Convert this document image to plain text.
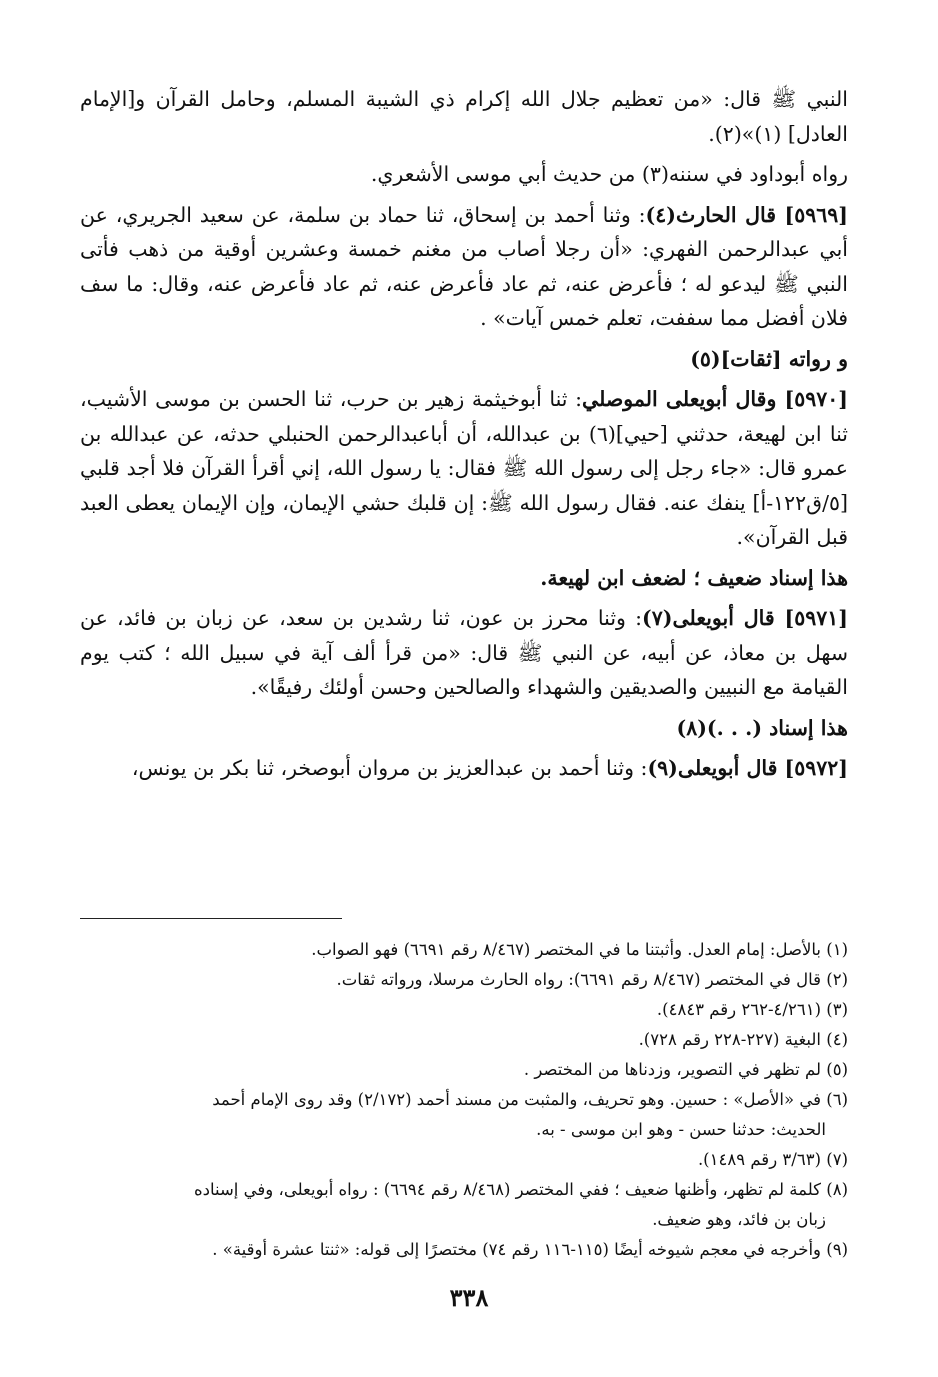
النبي ﷺ قال: «من تعظيم جلال الله إكرام ذي الشيبة المسلم، وحامل القرآن و[الإمام العادل] (١)»(٢).

رواه أبوداود في سننه(٣) من حديث أبي موسى الأشعري.

[٥٩٦٩] قال الحارث(٤): وثنا أحمد بن إسحاق، ثنا حماد بن سلمة، عن سعيد الجريري، عن أبي عبدالرحمن الفهري: «أن رجلا أصاب من مغنم خمسة وعشرين أوقية من ذهب فأتى النبي ﷺ ليدعو له ؛ فأعرض عنه، ثم عاد فأعرض عنه، ثم عاد فأعرض عنه، وقال: ما سف فلان أفضل مما سففت، تعلم خمس آيات» .

و رواته [ثقات](٥)

[٥٩٧٠] وقال أبويعلى الموصلي: ثنا أبوخيثمة زهير بن حرب، ثنا الحسن بن موسى الأشيب، ثنا ابن لهيعة، حدثني [حيي](٦) بن عبدالله، أن أباعبدالرحمن الحنبلي حدثه، عن عبدالله بن عمرو قال: «جاء رجل إلى رسول الله ﷺ فقال: يا رسول الله، إني أقرأ القرآن فلا أجد قلبي [٥/ق١٢٢-أ] ينفك عنه. فقال رسول الله ﷺ: إن قلبك حشي الإيمان، وإن الإيمان يعطى العبد قبل القرآن».

هذا إسناد ضعيف ؛ لضعف ابن لهيعة.

[٥٩٧١] قال أبويعلى(٧): وثنا محرز بن عون، ثنا رشدين بن سعد، عن زبان بن فائد، عن سهل بن معاذ، عن أبيه، عن النبي ﷺ قال: «من قرأ ألف آية في سبيل الله ؛ كتب يوم القيامة مع النبيين والصديقين والشهداء والصالحين وحسن أولئك رفيقًا».

هذا إسناد (. . .)(٨)

[٥٩٧٢] قال أبويعلى(٩): وثنا أحمد بن عبدالعزيز بن مروان أبوصخر، ثنا بكر بن يونس،

(١) بالأصل: إمام العدل. وأثبتنا ما في المختصر (٨/٤٦٧ رقم ٦٦٩١) فهو الصواب.

(٢) قال في المختصر (٨/٤٦٧ رقم ٦٦٩١): رواه الحارث مرسلا، ورواته ثقات.

(٣) (٤/٢٦١-٢٦٢ رقم ٤٨٤٣).

(٤) البغية (٢٢٧-٢٢٨ رقم ٧٢٨).

(٥) لم تظهر في التصوير، وزدناها من المختصر .

(٦) في «الأصل» : حسين. وهو تحريف، والمثبت من مسند أحمد (٢/١٧٢) وقد روى الإمام أحمد
الحديث: حدثنا حسن - وهو ابن موسى - به.

(٧) (٣/٦٣ رقم ١٤٨٩).

(٨) كلمة لم تظهر، وأظنها ضعيف ؛ ففي المختصر (٨/٤٦٨ رقم ٦٦٩٤) : رواه أبويعلى، وفي إسناده
زبان بن فائد، وهو ضعيف.

(٩) وأخرجه في معجم شيوخه أيضًا (١١٥-١١٦ رقم ٧٤) مختصرًا إلى قوله: «ثنتا عشرة أوقية» .

٣٣٨
